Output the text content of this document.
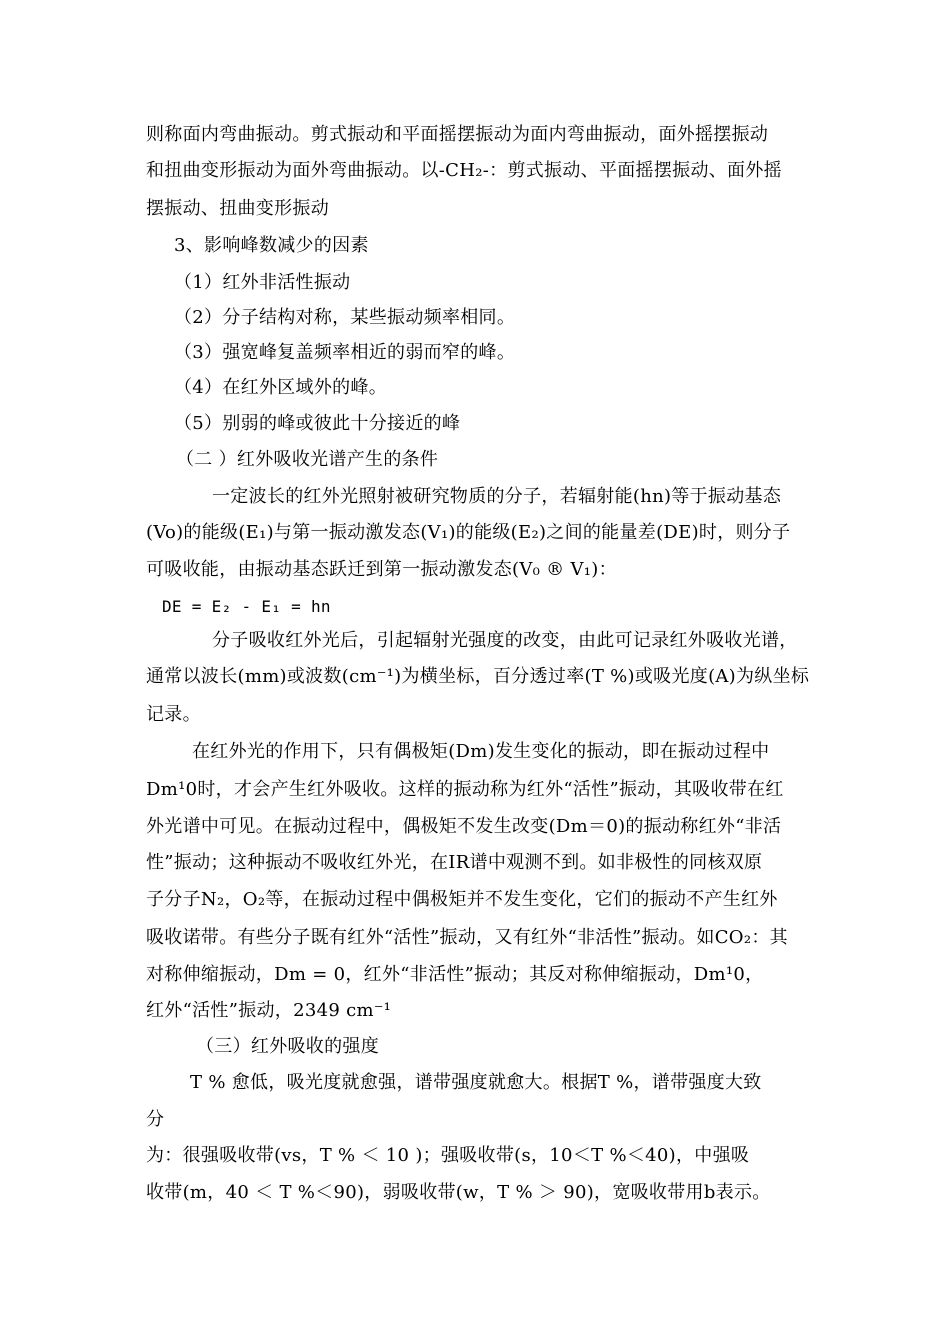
则称面内弯曲振动。剪式振动和平面摇摆振动为面内弯曲振动，面外摇摆振动
和扭曲变形振动为面外弯曲振动。以-CH₂-：剪式振动、平面摇摆振动、面外摇
摆振动、扭曲变形振动
3、影响峰数减少的因素
（1）红外非活性振动
（2）分子结构对称，某些振动频率相同。
（3）强宽峰复盖频率相近的弱而窄的峰。
（4）在红外区域外的峰。
（5）别弱的峰或彼此十分接近的峰
（二 ）红外吸收光谱产生的条件
一定波长的红外光照射被研究物质的分子，若辐射能(hn)等于振动基态
(Vo)的能级(E₁)与第一振动激发态(V₁)的能级(E₂)之间的能量差(DE)时，则分子
可吸收能，由振动基态跃迁到第一振动激发态(V₀ ® V₁)：
DE = E₂ - E₁ = hn
分子吸收红外光后，引起辐射光强度的改变，由此可记录红外吸收光谱，
通常以波长(mm)或波数(cm⁻¹)为横坐标，百分透过率(T %)或吸光度(A)为纵坐标
记录。
在红外光的作用下，只有偶极矩(Dm)发生变化的振动，即在振动过程中
Dm¹0时，才会产生红外吸收。这样的振动称为红外“活性”振动，其吸收带在红
外光谱中可见。在振动过程中，偶极矩不发生改变(Dm＝0)的振动称红外“非活
性”振动；这种振动不吸收红外光，在IR谱中观测不到。如非极性的同核双原
子分子N₂，O₂等，在振动过程中偶极矩并不发生变化，它们的振动不产生红外
吸收诺带。有些分子既有红外“活性”振动，又有红外“非活性”振动。如CO₂：其
对称伸缩振动，Dm = 0，红外“非活性”振动；其反对称伸缩振动，Dm¹0，
红外“活性”振动，2349 cm⁻¹
（三）红外吸收的强度
T % 愈低，吸光度就愈强，谱带强度就愈大。根据T %，谱带强度大致
分
为：很强吸收带(vs，T % ＜ 10 )；强吸收带(s，10＜T %＜40)，中强吸
收带(m，40 ＜ T %＜90)，弱吸收带(w，T % ＞ 90)，宽吸收带用b表示。
